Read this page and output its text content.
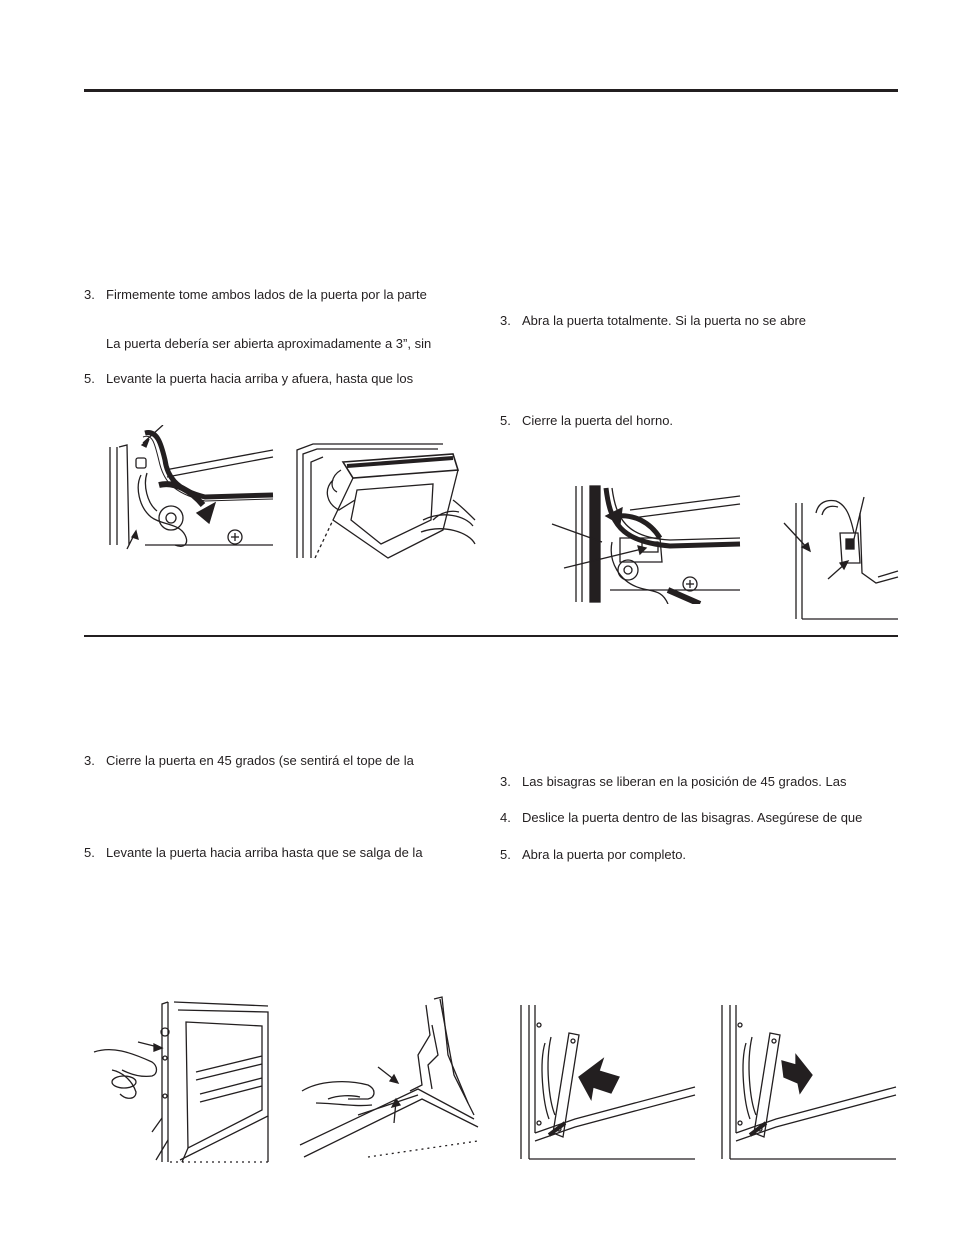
3. Firmemente tome ambos lados de la puerta por la parte
La puerta debería ser abierta aproximadamente a 3”, sin
5. Levante la puerta hacia arriba y afuera, hasta que los
3. Abra la puerta totalmente. Si la puerta no se abre
5. Cierre la puerta del horno.
3. Cierre la puerta en 45 grados (se sentirá el tope de la
5. Levante la puerta hacia arriba hasta que se salga de la
3. Las bisagras se liberan en la posición de 45 grados. Las
4. Deslice la puerta dentro de las bisagras. Asegúrese de que
5. Abra la puerta por completo.
